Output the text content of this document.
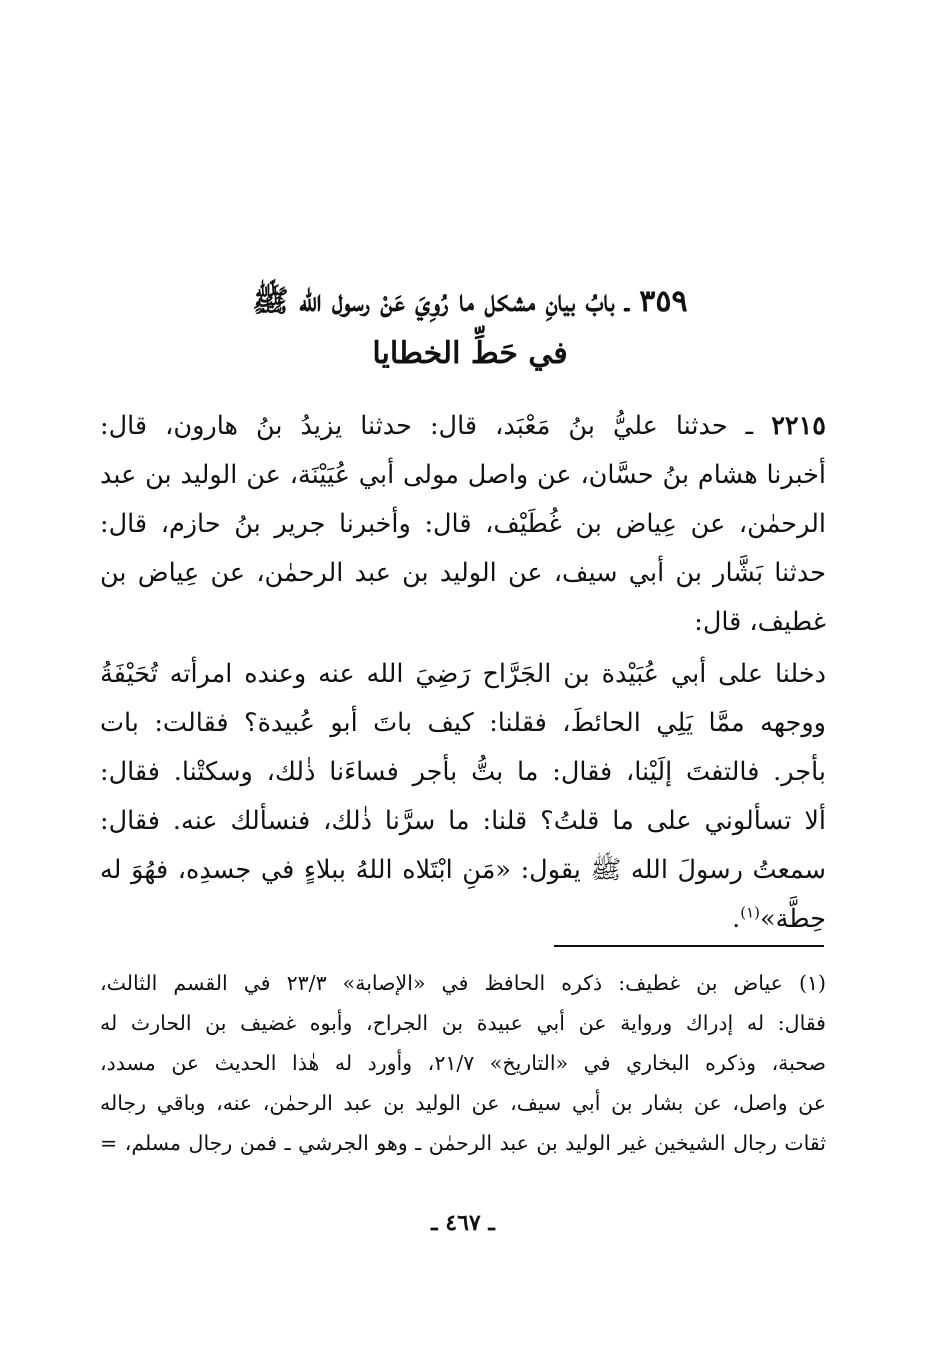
٣٥٩ ـ بابُ بيانِ مشكل ما رُوِيَ عَنْ رسول الله ﷺ
في حَطِّ الخطايا
٢٢١٥ ـ حدثنا عليُّ بنُ مَعْبَد، قال: حدثنا يزيدُ بنُ هارون، قال:
أخبرنا هشام بنُ حسَّان، عن واصل مولى أبي عُيَيْنَة، عن الوليد بن عبد
الرحمٰن، عن عِياض بن غُطَيْف، قال: وأخبرنا جرير بنُ حازم، قال:
حدثنا بَشَّار بن أبي سيف، عن الوليد بن عبد الرحمٰن، عن عِياض بن
غطيف، قال:
دخلنا على أبي عُبَيْدة بن الجَرَّاح رَضِيَ الله عنه وعنده امرأته تُحَيْفَةُ
ووجهه ممَّا يَلِي الحائطَ، فقلنا: كيف باتَ أبو عُبيدة؟ فقالت: بات
بأجر. فالتفتَ إلَيْنا، فقال: ما بتُّ بأجر فساءَنا ذٰلك، وسكتْنا. فقال:
ألا تسألوني على ما قلتُ؟ قلنا: ما سرَّنا ذٰلك، فنسألك عنه. فقال:
سمعتُ رسولَ الله ﷺ يقول: «مَنِ ابْتَلاه اللهُ ببلاءٍ في جسدِه، فهُوَ له
حِطَّة»$^{(١)}$.
(١) عياض بن غطيف: ذكره الحافظ في «الإصابة» ٢٣/٣ في القسم الثالث،
فقال: له إدراك ورواية عن أبي عبيدة بن الجراح، وأبوه غضيف بن الحارث له
صحبة، وذكره البخاري في «التاريخ» ٢١/٧، وأورد له هٰذا الحديث عن مسدد،
عن واصل، عن بشار بن أبي سيف، عن الوليد بن عبد الرحمٰن، عنه، وباقي رجاله
ثقات رجال الشيخين غير الوليد بن عبد الرحمٰن ـ وهو الجرشي ـ فمن رجال مسلم، =
ـ ٤٦٧ ـ
